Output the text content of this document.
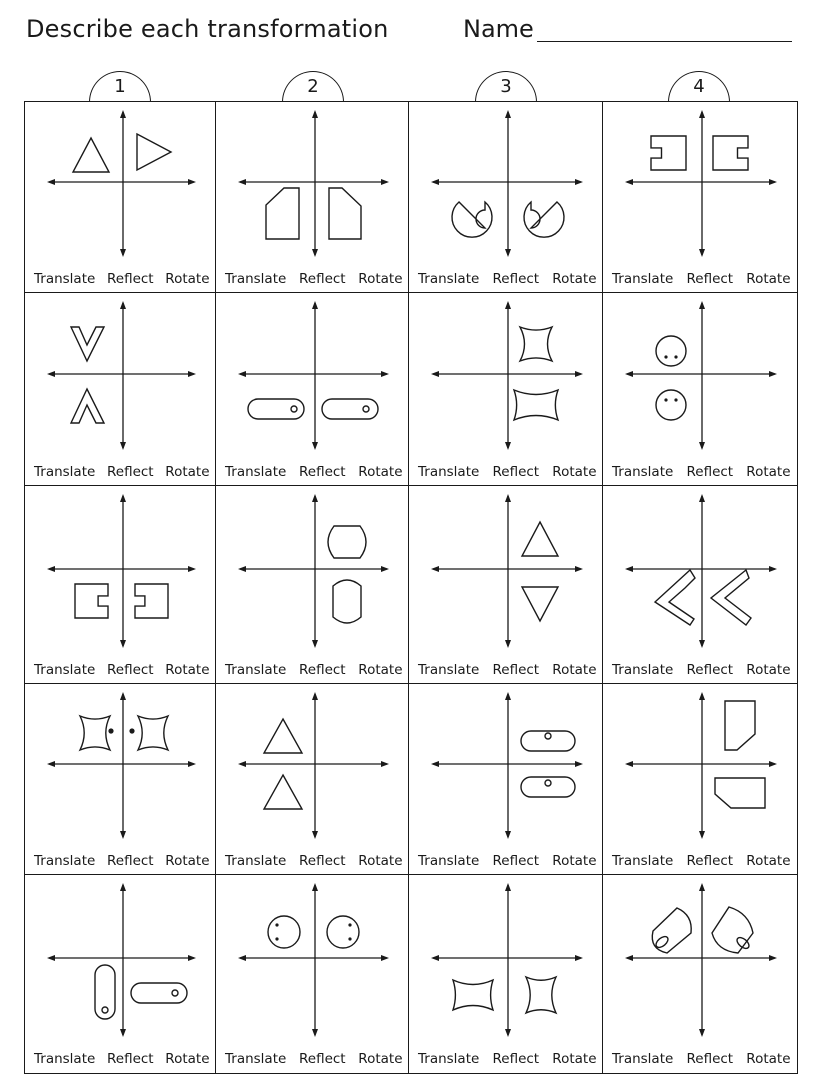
Describe each transformation	Name
1	2	3	4
Translate Reflect Rotate Translate Reflect Rotate Translate Reflect Rotate Translate Reflect Rotate
Translate Reflect Rotate Translate Reflect Rotate Translate Reflect Rotate Translate Reflect Rotate
Translate Reflect Rotate Translate Reflect Rotate Translate Reflect Rotate Translate Reflect Rotate
Translate Reflect Rotate Translate Reflect Rotate Translate Reflect Rotate Translate Reflect Rotate
Translate Reflect Rotate Translate Reflect Rotate Translate Reflect Rotate Translate Reflect Rotate
